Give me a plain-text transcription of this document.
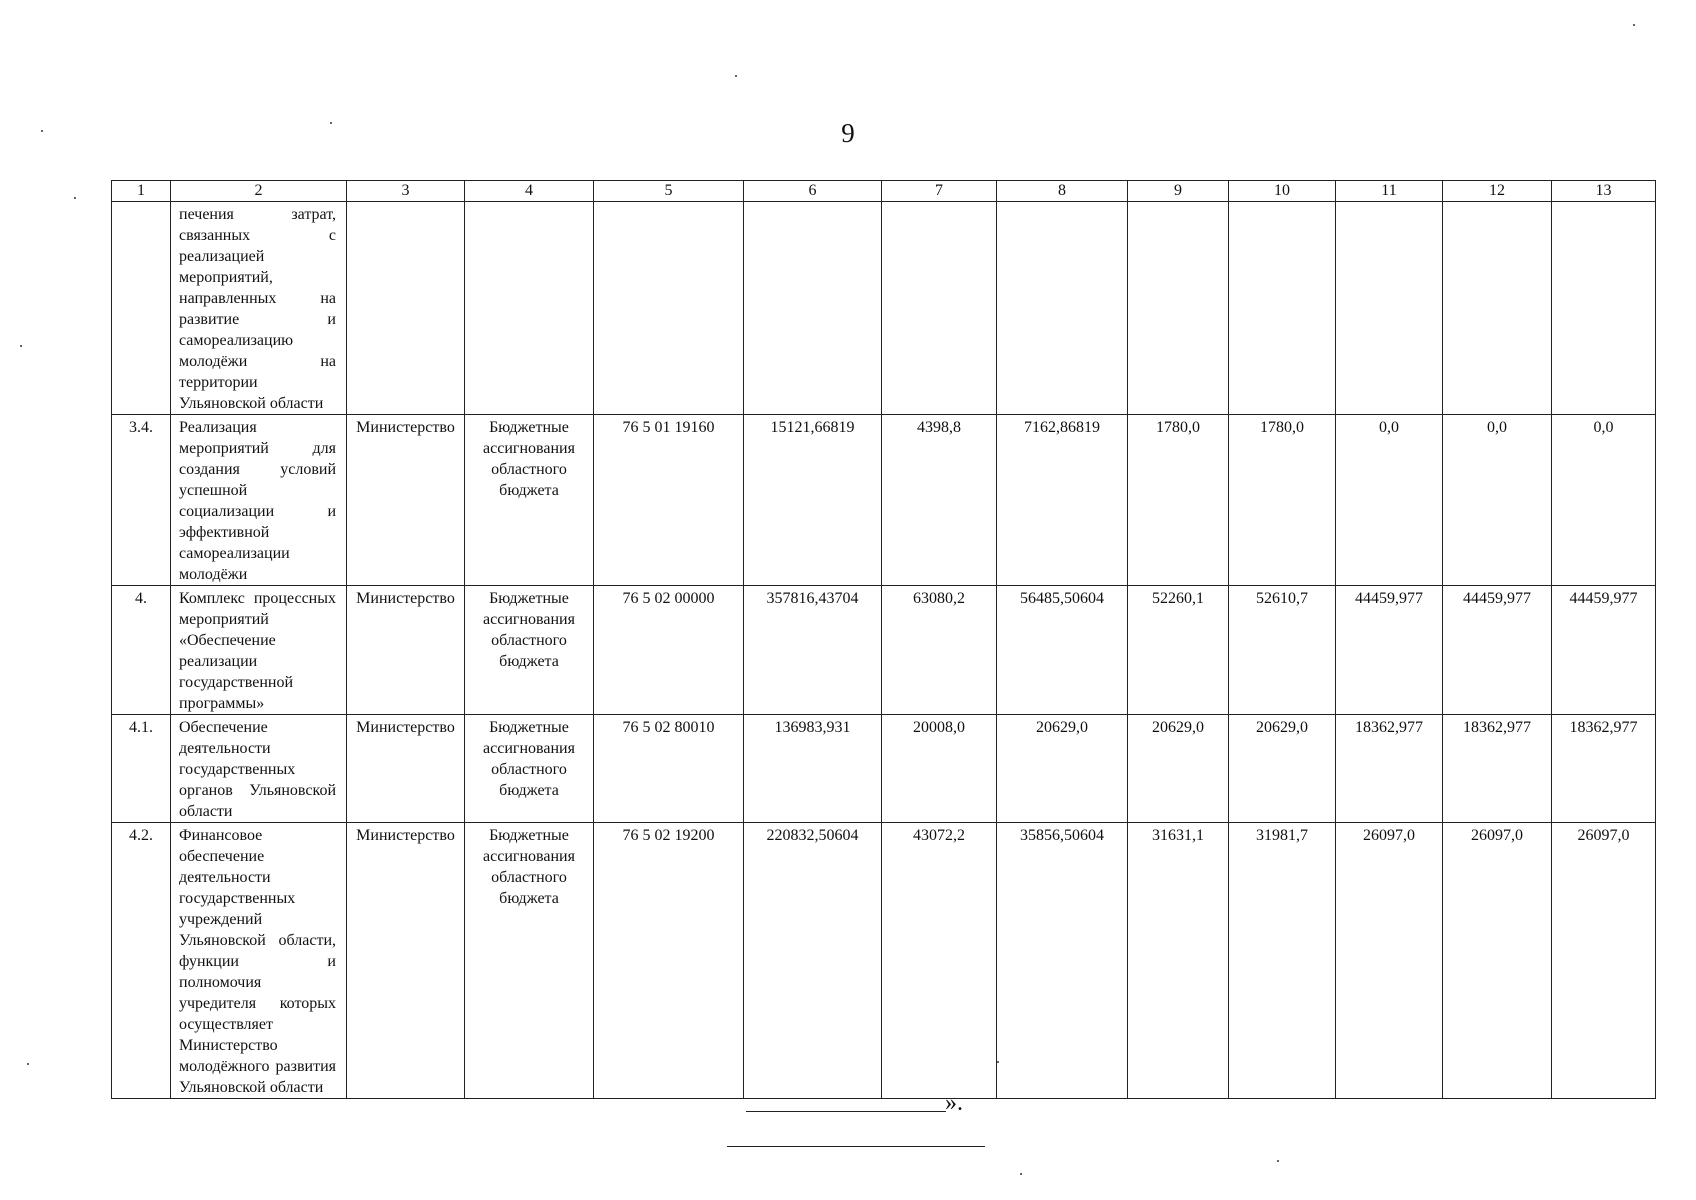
9
1	2	3	4	5	6	7	8	9	10	11	12	13
	печения затрат, связанных с реализацией мероприятий, направленных на развитие и самореализацию молодёжи на территории Ульяновской области											
3.4.	Реализация мероприятий для создания условий успешной социализации и эффективной самореализации молодёжи	Министерство	Бюджетные ассигнования областного бюджета	76 5 01 19160	15121,66819	4398,8	7162,86819	1780,0	1780,0	0,0	0,0	0,0
4.	Комплекс процессных мероприятий «Обеспечение реализации государственной программы»	Министерство	Бюджетные ассигнования областного бюджета	76 5 02 00000	357816,43704	63080,2	56485,50604	52260,1	52610,7	44459,977	44459,977	44459,977
4.1.	Обеспечение деятельности государственных органов Ульяновской области	Министерство	Бюджетные ассигнования областного бюджета	76 5 02 80010	136983,931	20008,0	20629,0	20629,0	20629,0	18362,977	18362,977	18362,977
4.2.	Финансовое обеспечение деятельности государственных учреждений Ульяновской области, функции и полномочия учредителя которых осуществляет Министерство молодёжного развития Ульяновской области	Министерство	Бюджетные ассигнования областного бюджета	76 5 02 19200	220832,50604	43072,2	35856,50604	31631,1	31981,7	26097,0	26097,0	26097,0
».
